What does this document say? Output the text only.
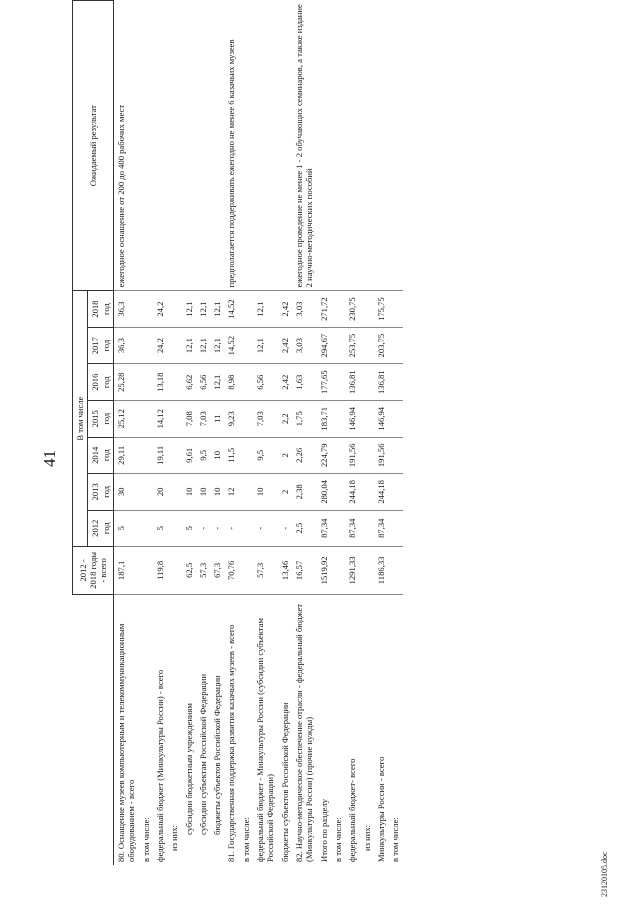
41
	2012 - 2018 годы - всего	В том числе							Ожидаемый результат
		2012 год	2013 год	2014 год	2015 год	2016 год	2017 год	2018 год	
80. Оснащение музеев компьютерным и телекоммуникационным оборудованием - всего	187,1	5	30	29,11	25,12	25,28	36,3	36,3	ежегодное оснащение от 200 до 400 рабочих мест
в том числе:									
федеральный бюджет (Минкультуры России) - всего	119,8	5	20	19,11	14,12	13,18	24,2	24,2	
из них:									
субсидии бюджетным учреждениям	62,5	5	10	9,61	7,08	6,62	12,1	12,1	
субсидии субъектам Российской Федерации	57,3	-	10	9,5	7,03	6,56	12,1	12,1	
бюджеты субъектов Российской Федерации	67,3	-	10	10	11	12,1	12,1	12,1	
81. Государственная поддержка развития казачьих музеев - всего	70,76	-	12	11,5	9,23	8,98	14,52	14,52	предполагается поддерживать ежегодно не менее 6 казачьих музеев
в том числе:									
федеральный бюджет - Минкультуры России (субсидии субъектам Российской Федерации)	57,3	-	10	9,5	7,03	6,56	12,1	12,1	
бюджеты субъектов Российской Федерации	13,46	-	2	2	2,2	2,42	2,42	2,42	
82. Научно-методическое обеспечение отрасли - федеральный бюджет (Минкультуры России) (прочие нужды)	16,57	2,5	2,38	2,26	1,75	1,63	3,03	3,03	ежегодное проведение не менее 1 - 2 обучающих семинаров, а также издание 2 научно-методических пособий
Итого по разделу	1519,92	87,34	280,04	224,79	183,71	177,65	294,67	271,72	
в том числе:									
федеральный бюджет- всего	1291,33	87,34	244,18	191,56	146,94	136,81	253,75	230,75	
из них:									
Минкультуры России - всего	1186,33	87,34	244,18	191,56	146,94	136,81	203,75	175,75	
в том числе:									
23120105.doc
